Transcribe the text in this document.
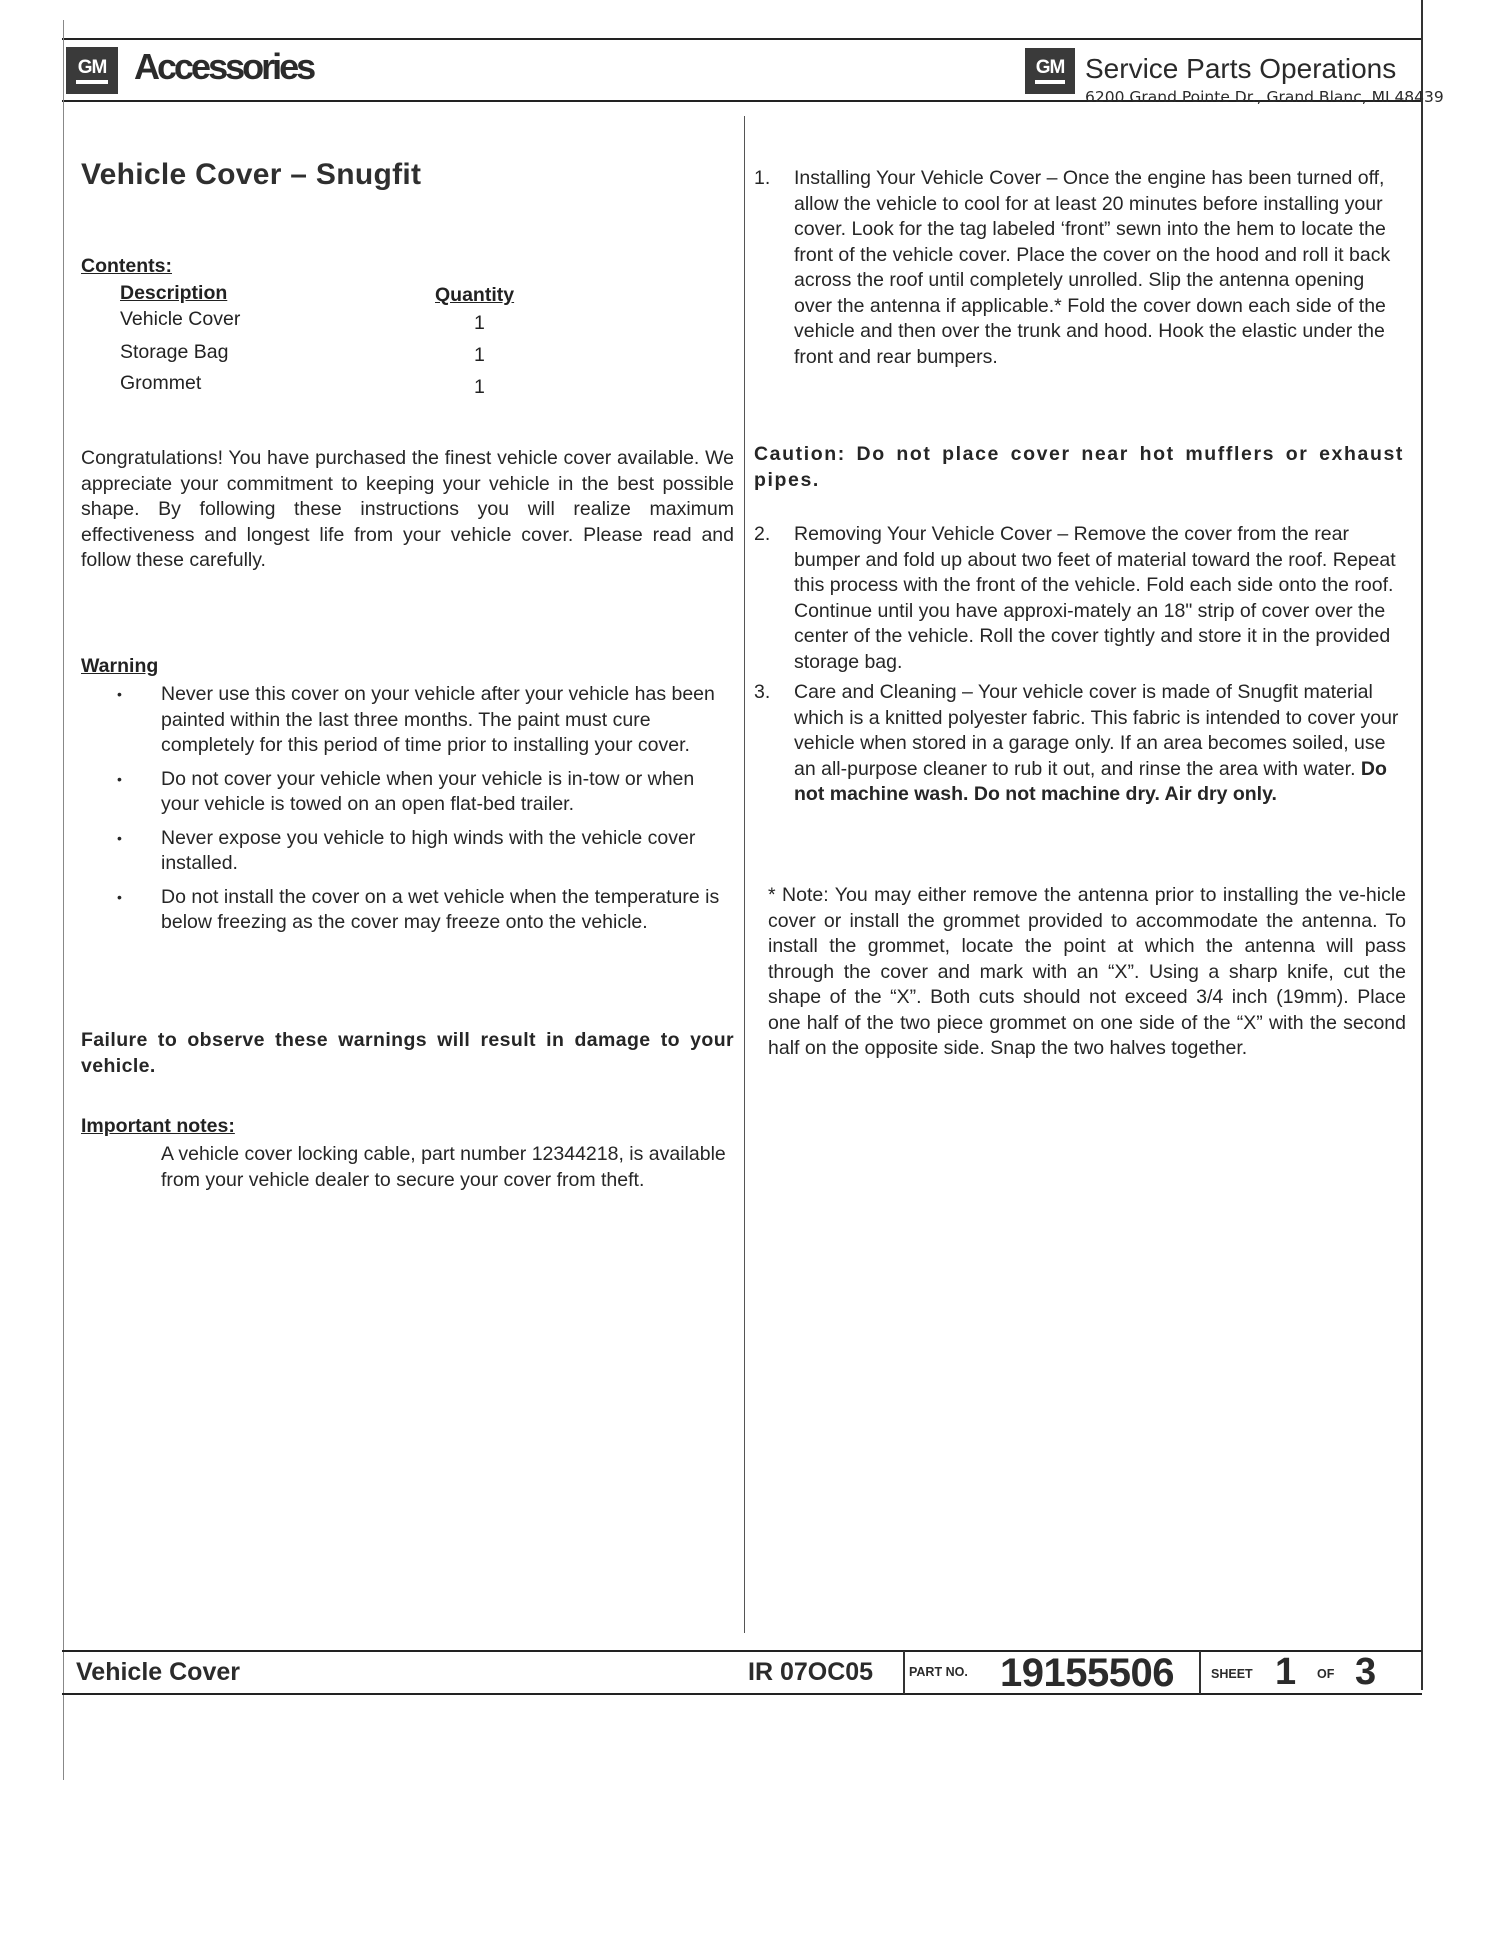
GM Accessories	GM Service Parts Operations
6200 Grand Pointe Dr., Grand Blanc, MI 48439
Vehicle Cover – Snugfit
Contents:
Description	Quantity
Vehicle Cover	1
Storage Bag	1
Grommet	1
Congratulations! You have purchased the finest vehicle cover available. We appreciate your commitment to keeping your vehicle in the best possible shape. By following these instructions you will realize maximum effectiveness and longest life from your vehicle cover. Please read and follow these carefully.
Warning
• Never use this cover on your vehicle after your vehicle has been painted within the last three months. The paint must cure completely for this period of time prior to installing your cover.
• Do not cover your vehicle when your vehicle is in-tow or when your vehicle is towed on an open flat-bed trailer.
• Never expose you vehicle to high winds with the vehicle cover installed.
• Do not install the cover on a wet vehicle when the temperature is below freezing as the cover may freeze onto the vehicle.
Failure to observe these warnings will result in damage to your vehicle.
Important notes:
A vehicle cover locking cable, part number 12344218, is available from your vehicle dealer to secure your cover from theft.
1. Installing Your Vehicle Cover – Once the engine has been turned off, allow the vehicle to cool for at least 20 minutes before installing your cover. Look for the tag labeled ‘front” sewn into the hem to locate the front of the vehicle cover. Place the cover on the hood and roll it back across the roof until completely unrolled. Slip the antenna opening over the antenna if applicable.* Fold the cover down each side of the vehicle and then over the trunk and hood. Hook the elastic under the front and rear bumpers.
Caution: Do not place cover near hot mufflers or exhaust pipes.
2. Removing Your Vehicle Cover – Remove the cover from the rear bumper and fold up about two feet of material toward the roof. Repeat this process with the front of the vehicle. Fold each side onto the roof. Continue until you have approxi-mately an 18" strip of cover over the center of the vehicle. Roll the cover tightly and store it in the provided storage bag.
3. Care and Cleaning – Your vehicle cover is made of Snugfit material which is a knitted polyester fabric. This fabric is intended to cover your vehicle when stored in a garage only. If an area becomes soiled, use an all-purpose cleaner to rub it out, and rinse the area with water. Do not machine wash. Do not machine dry. Air dry only.
* Note: You may either remove the antenna prior to installing the ve-hicle cover or install the grommet provided to accommodate the antenna. To install the grommet, locate the point at which the antenna will pass through the cover and mark with an “X”. Using a sharp knife, cut the shape of the “X”. Both cuts should not exceed 3/4 inch (19mm). Place one half of the two piece grommet on one side of the “X” with the second half on the opposite side. Snap the two halves together.
Vehicle Cover	IR 07OC05	PART NO. 19155506	SHEET 1 OF 3
